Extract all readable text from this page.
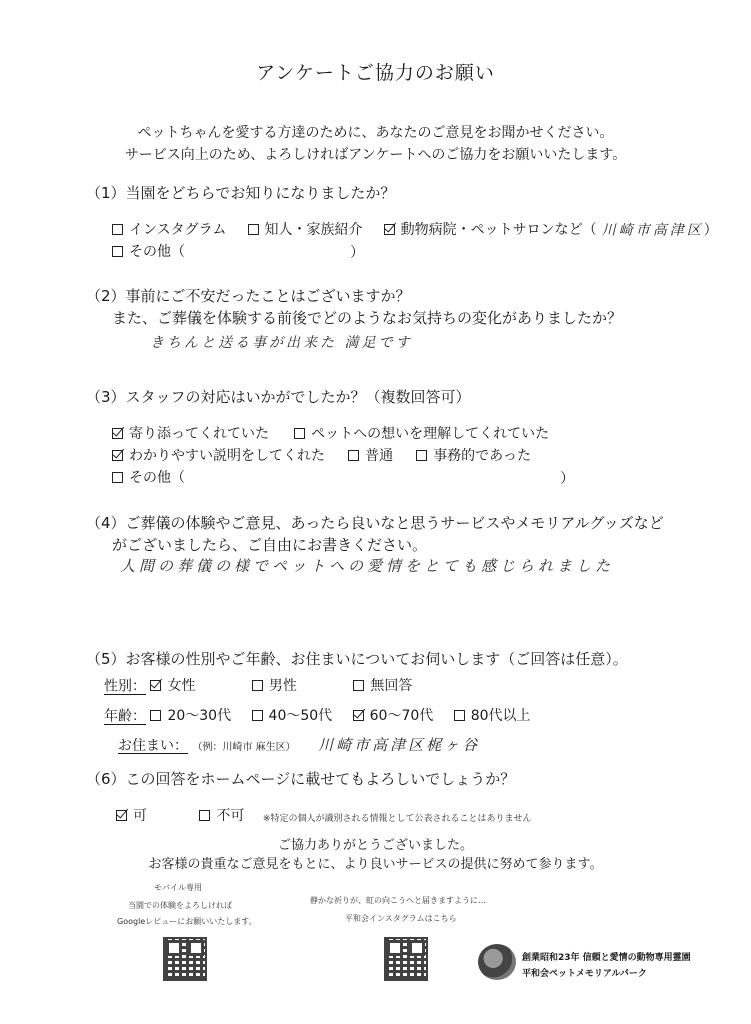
アンケートご協力のお願い
ペットちゃんを愛する方達のために、あなたのご意見をお聞かせください。
サービス向上のため、よろしければアンケートへのご協力をお願いいたします。
（1）当園をどちらでお知りになりましたか？
インスタグラム
	知人・家族紹介
	動物病院・ペットサロンなど（ 川崎市高津区）
その他（	）
（2）事前にご不安だったことはございますか？
また、ご葬儀を体験する前後でどのようなお気持ちの変化がありましたか？
きちんと送る事が出来た 満足です
（3）スタッフの対応はいかがでしたか？（複数回答可）
寄り添ってくれていた
	ペットへの想いを理解してくれていた
わかりやすい説明をしてくれた
	普通
	事務的であった
その他（	）
（4）ご葬儀の体験やご意見、あったら良いなと思うサービスやメモリアルグッズなど
がございましたら、ご自由にお書きください。
人間の葬儀の様でペットへの愛情をとても感じられました
（5）お客様の性別やご年齢、お住まいについてお伺いします（ご回答は任意）。
性別： 女性
	男性
	無回答
年齢： 20～30代
	40～50代
	60～70代
	80代以上
お住まい： （例：川崎市 麻生区） 川崎市高津区梶ヶ谷
（6）この回答をホームページに載せてもよろしいでしょうか？
可
	不可 ※特定の個人が識別される情報として公表されることはありません
ご協力ありがとうございました。
お客様の貴重なご意見をもとに、より良いサービスの提供に努めて参ります。
モバイル専用
当園での体験をよろしければ
Googleレビューにお願いいたします。
静かな祈りが、虹の向こうへと届きますように…
平和会インスタグラムはこちら
創業昭和23年 信頼と愛情の動物専用霊園
平和会ペットメモリアルパーク
